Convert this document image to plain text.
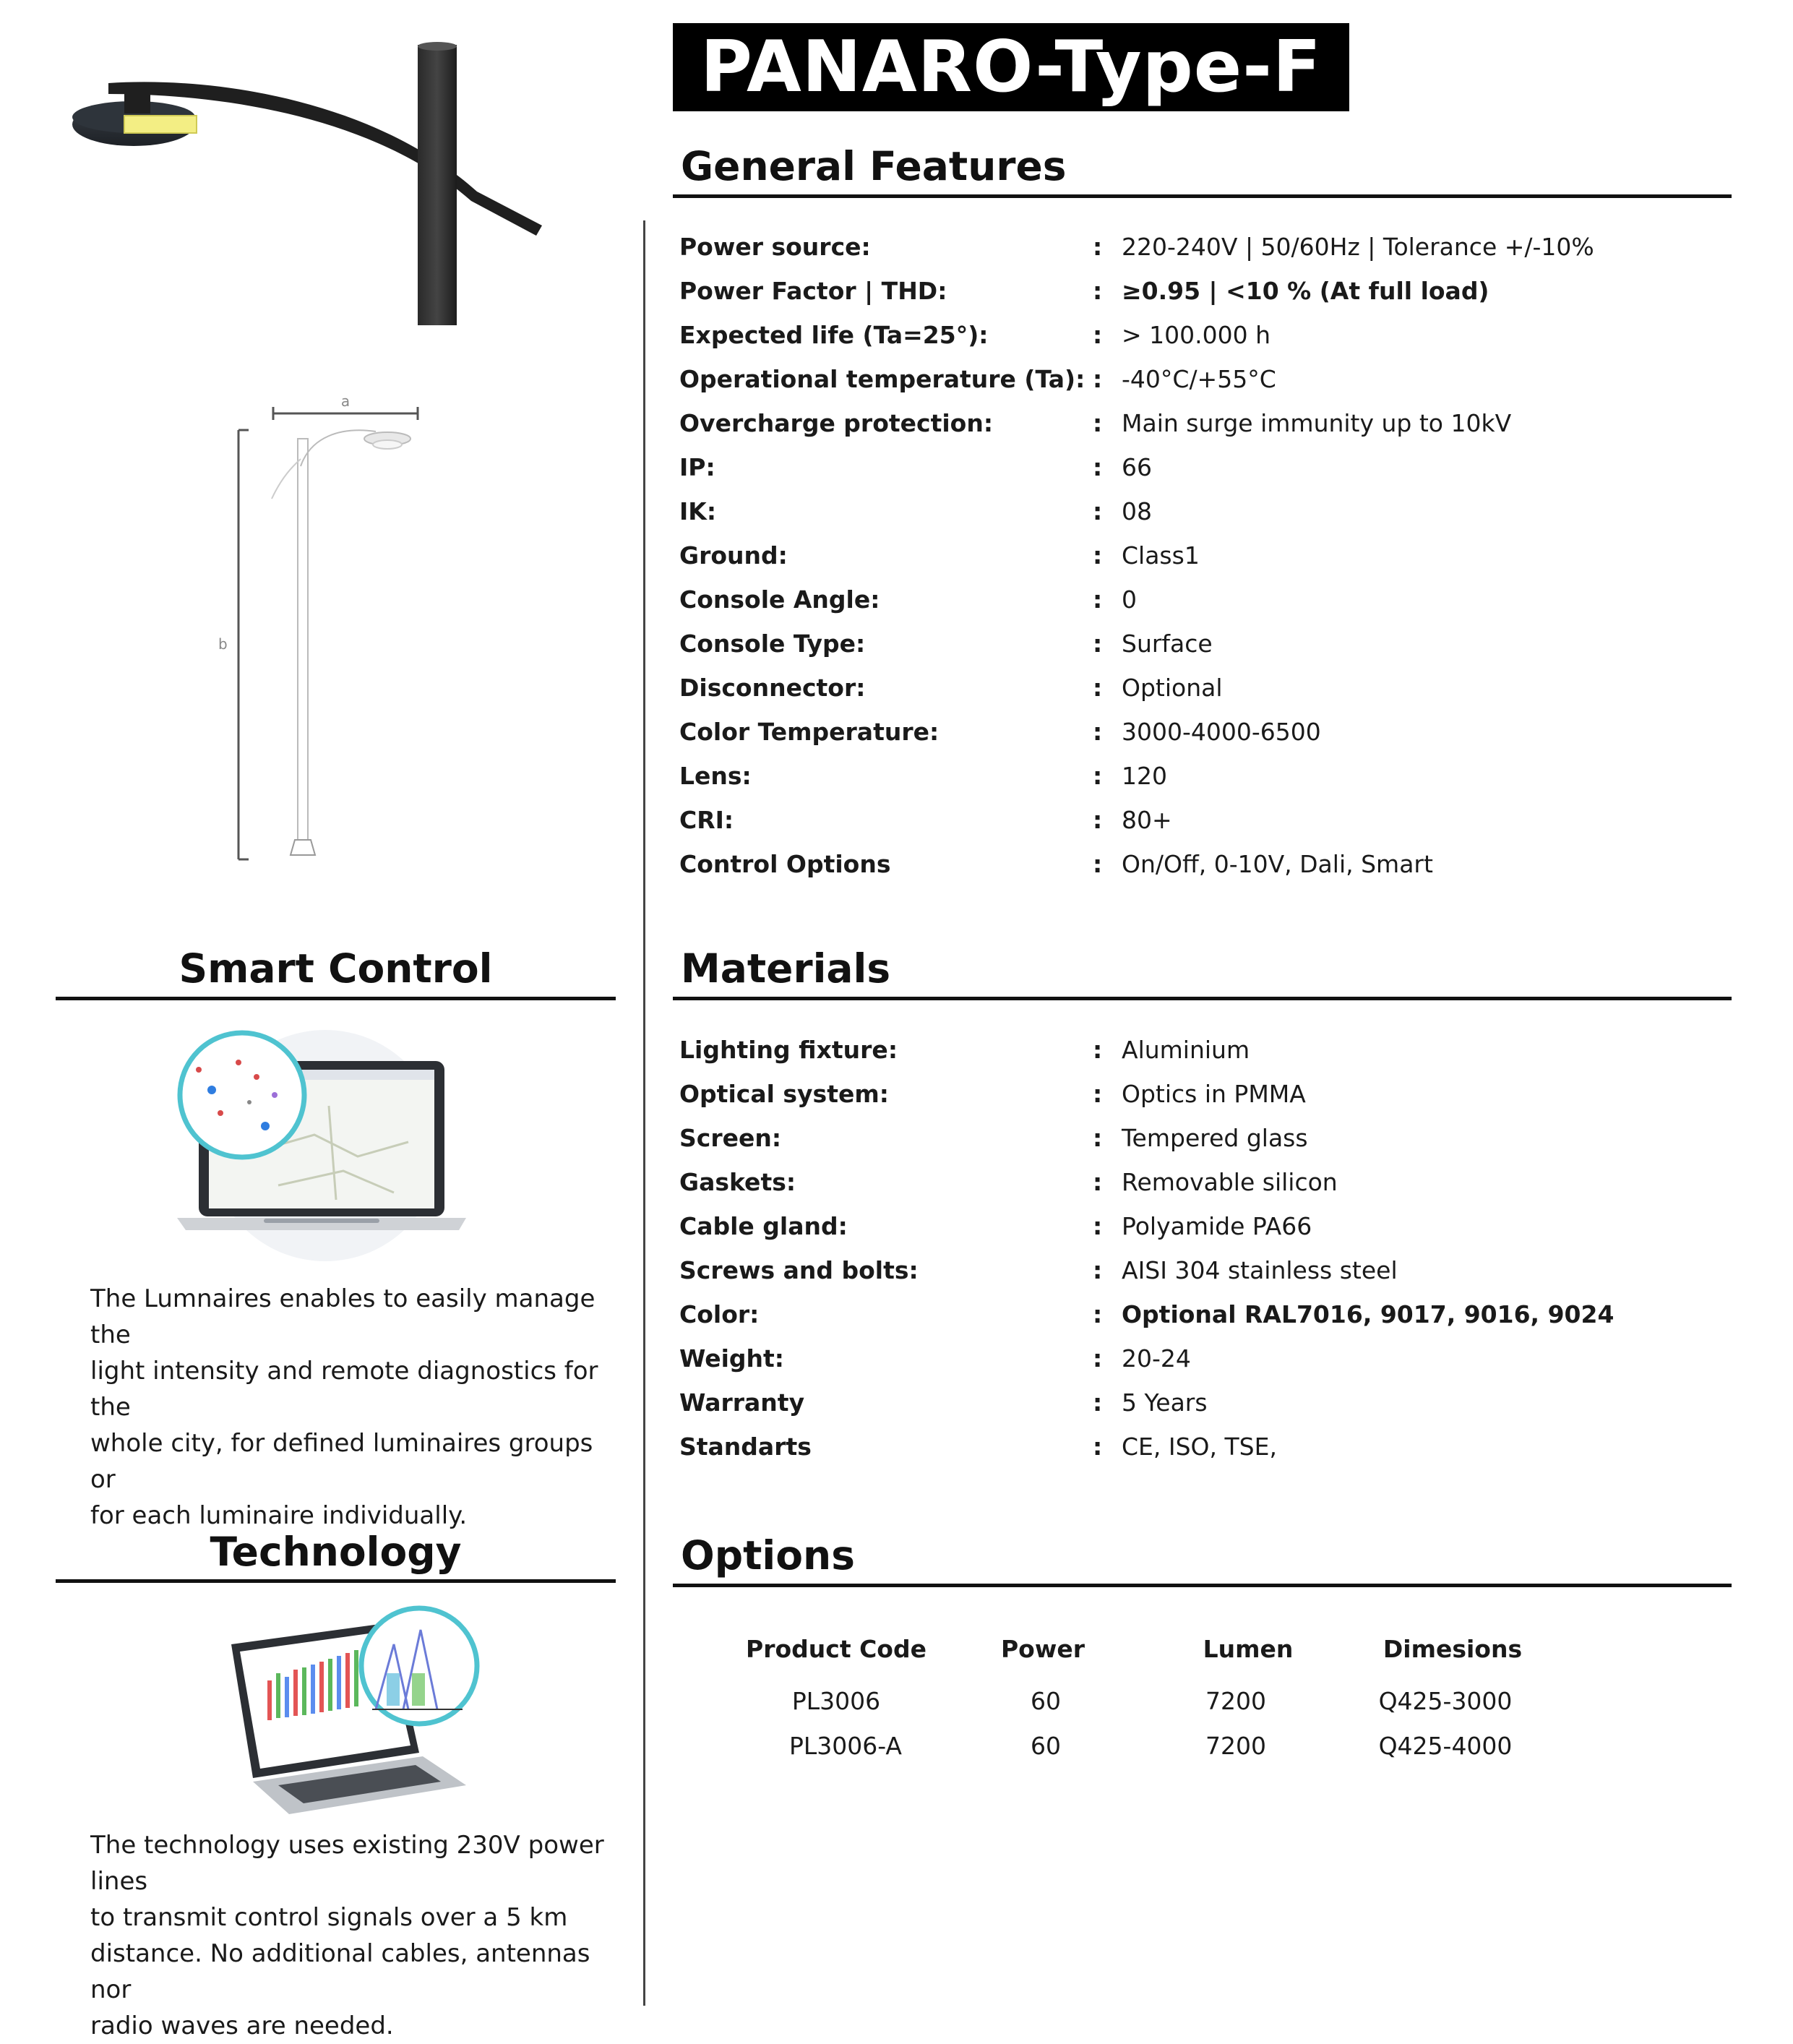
PANARO-Type-F
a
b
General Features
Power source:	: 220-240V | 50/60Hz | Tolerance +/-10%
Power Factor | THD:	: ≥0.95 | <10 % (At full load)
Expected life (Ta=25°):	: > 100.000 h
Operational temperature (Ta): : -40°C/+55°C
Overcharge protection:	: Main surge immunity up to 10kV
IP:	: 66
IK:	: 08
Ground:	: Class1
Console Angle:	: 0
Console Type:	: Surface
Disconnector:	: Optional
Color Temperature:	: 3000-4000-6500
Lens:	: 120
CRI:	: 80+
Control Options	: On/Off, 0-10V, Dali, Smart
Materials
Lighting fixture:	: Aluminium
Optical system:	: Optics in PMMA
Screen:	: Tempered glass
Gaskets:	: Removable silicon
Cable gland:	: Polyamide PA66
Screws and bolts:	: AISI 304 stainless steel
Color:	: Optional RAL7016, 9017, 9016, 9024
Weight:	: 20-24
Warranty	: 5 Years
Standarts	: CE, ISO, TSE,
Options
Product Code	Power	Lumen	Dimesions
PL3006	60	7200	Q425-3000
PL3006-A	60	7200	Q425-4000
Smart Control
The Lumnaires enables to easily manage the
light intensity and remote diagnostics for the
whole city, for defined luminaires groups or
for each luminaire individually.
Technology
The technology uses existing 230V power lines
to transmit control signals over a 5 km
distance. No additional cables, antennas nor
radio waves are needed.
